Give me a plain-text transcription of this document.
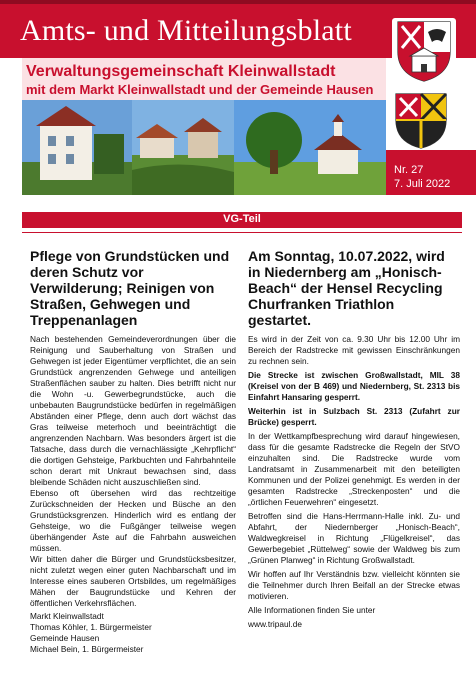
Amts- und Mitteilungsblatt
Verwaltungsgemeinschaft Kleinwallstadt
mit dem Markt Kleinwallstadt und der Gemeinde Hausen
Nr. 27
7. Juli 2022
VG-Teil
Pflege von Grundstücken und deren Schutz vor Verwilderung; Reinigen von Straßen, Gehwegen und Treppenanlagen

Nach bestehenden Gemeindeverordnungen über die Reinigung und Sauberhaltung von Straßen und Gehwegen ist jeder Eigentümer verpflichtet, die an sein Grundstück angrenzenden Gehwege und anteiligen Straßenflächen sauber zu halten. Dies betrifft nicht nur die Wohn -u. Gewerbegrundstücke, auch die unbebauten Baugrundstücke bedürfen in regelmäßigen Abständen einer Pflege, denn auch dort wächst das Gras teilweise meterhoch und beeinträchtigt die angrenzenden Nachbarn. Was besonders ärgert ist die Tatsache, dass durch die vernachlässigte „Kehrpflicht“ die dortigen Gehsteige, Parkbuchten und Fahrbahnteile schon derart mit Unkraut bewachsen sind, dass bleibende Schäden nicht auszuschließen sind.

Ebenso oft übersehen wird das rechtzeitige Zurückschneiden der Hecken und Büsche an den Grundstücksgrenzen. Hinderlich wird es entlang der Gehsteige, wo die Fußgänger teilweise wegen überhängender Äste auf die Fahrbahn ausweichen müssen.

Wir bitten daher die Bürger und Grundstücksbesitzer, nicht zuletzt wegen einer guten Nachbarschaft und im Interesse eines sauberen Ortsbildes, um regelmäßiges Mähen der Baugrundstücke und Kehren der öffentlichen Verkehrsflächen.

Markt Kleinwallstadt

Thomas Köhler, 1. Bürgermeister

Gemeinde Hausen

Michael Bein, 1. Bürgermeister

Am Sonntag, 10.07.2022, wird in Niedernberg am „Honisch-Beach“ der Hensel Recycling Churfranken Triathlon gestartet.

Es wird in der Zeit von ca. 9.30 Uhr bis 12.00 Uhr im Bereich der Radstrecke mit gewissen Einschränkungen zu rechnen sein.

Die Strecke ist zwischen Großwallstadt, MIL 38 (Kreisel von der B 469) und Niedernberg, St. 2313 bis Einfahrt Hansaring gesperrt.

Weiterhin ist in Sulzbach St. 2313 (Zufahrt zur Brücke) gesperrt.

In der Wettkampfbesprechung wird darauf hingewiesen, dass für die gesamte Radstrecke die Regeln der StVO einzuhalten sind. Die Radstrecke wurde vom Landratsamt in Zusammenarbeit mit den beteiligten Kommunen und der Polizei genehmigt. Es werden in der gesamten Radstrecke „Streckenposten“ und die „örtlichen Feuerwehren“ eingesetzt.

Betroffen sind die Hans-Herrmann-Halle inkl. Zu- und Abfahrt, der Niedernberger „Honisch-Beach“, Waldwegkreisel in Richtung „Flügelkreisel“, das Gewerbegebiet „Rüttelweg“ sowie der Waldweg bis zum „Grünen Planweg“ in Richtung Großwallstadt.

Wir hoffen auf Ihr Verständnis bzw. vielleicht könnten sie die Teilnehmer durch Ihren Beifall an der Strecke etwas motivieren.

Alle Informationen finden Sie unter

www.tripaul.de
